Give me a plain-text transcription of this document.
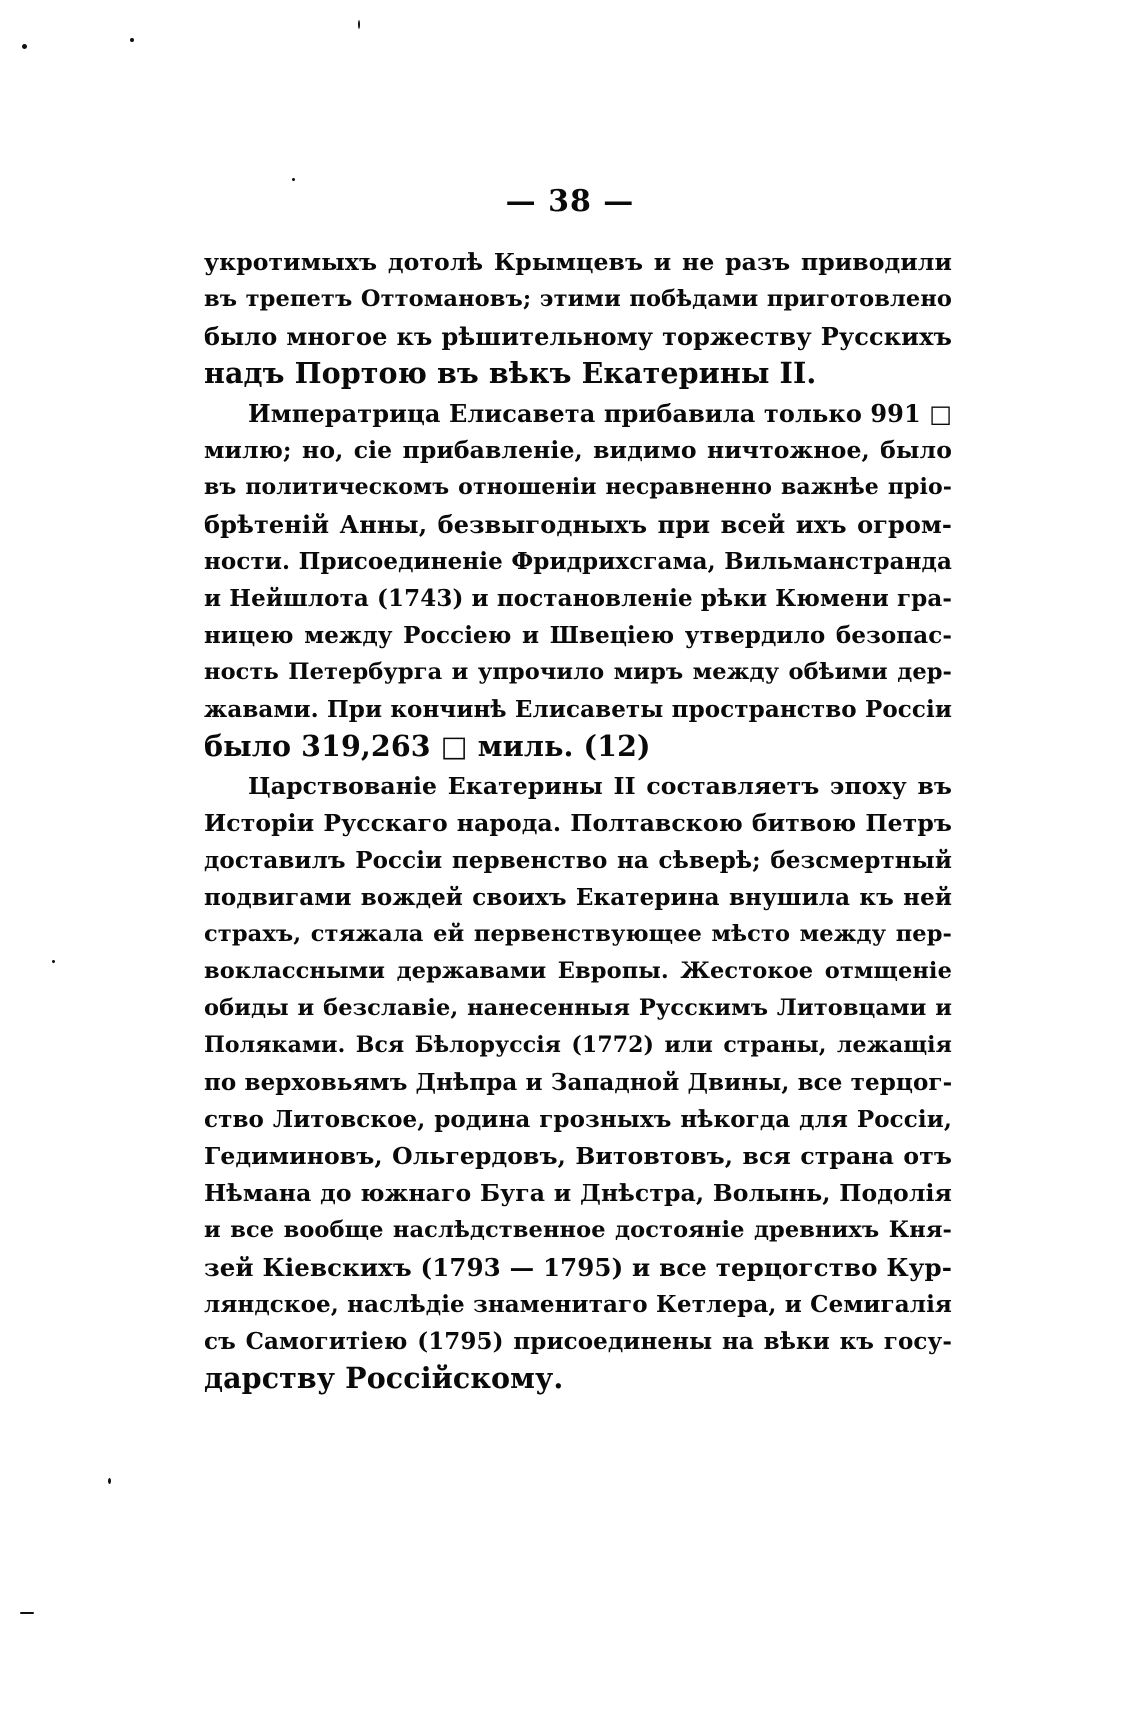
— 38 —
укротимыхъ дотолѣ Крымцевъ и не разъ приводили
въ трепетъ Оттомановъ; этими побѣдами приготовлено
было многое къ рѣшительному торжеству Русскихъ
надъ Портою въ вѣкъ Екатерины II.
Императрица Елисавета прибавила только 991 □
милю; но, сіе прибавленіе, видимо ничтожное, было
въ политическомъ отношеніи несравненно важнѣе пріо-
брѣтеній Анны, безвыгодныхъ при всей ихъ огром-
ности. Присоединеніе Фридрихсгама, Вильманстранда
и Нейшлота (1743) и постановленіе рѣки Кюмени гра-
ницею между Россіею и Швеціею утвердило безопас-
ность Петербурга и упрочило миръ между обѣими дер-
жавами. При кончинѣ Елисаветы пространство Россіи
было 319,263 □ миль. (12)
Царствованіе Екатерины II составляетъ эпоху въ
Исторіи Русскаго народа. Полтавскою битвою Петръ
доставилъ Россіи первенство на сѣверѣ; безсмертный
подвигами вождей своихъ Екатерина внушила къ ней
страхъ, стяжала ей первенствующее мѣсто между пер-
воклассными державами Европы. Жестокое отмщеніе
обиды и безславіе, нанесенныя Русскимъ Литовцами и
Поляками. Вся Бѣлоруссія (1772) или страны, лежащія
по верховьямъ Днѣпра и Западной Двины, все терцог-
ство Литовское, родина грозныхъ нѣкогда для Россіи,
Гедиминовъ, Ольгердовъ, Витовтовъ, вся страна отъ
Нѣмана до южнаго Буга и Днѣстра, Волынь, Подолія
и все вообще наслѣдственное достояніе древнихъ Кня-
зей Кіевскихъ (1793 — 1795) и все терцогство Кур-
ляндское, наслѣдіе знаменитаго Кетлера, и Семигалія
съ Самогитіею (1795) присоединены на вѣки къ госу-
дарству Россійскому.
